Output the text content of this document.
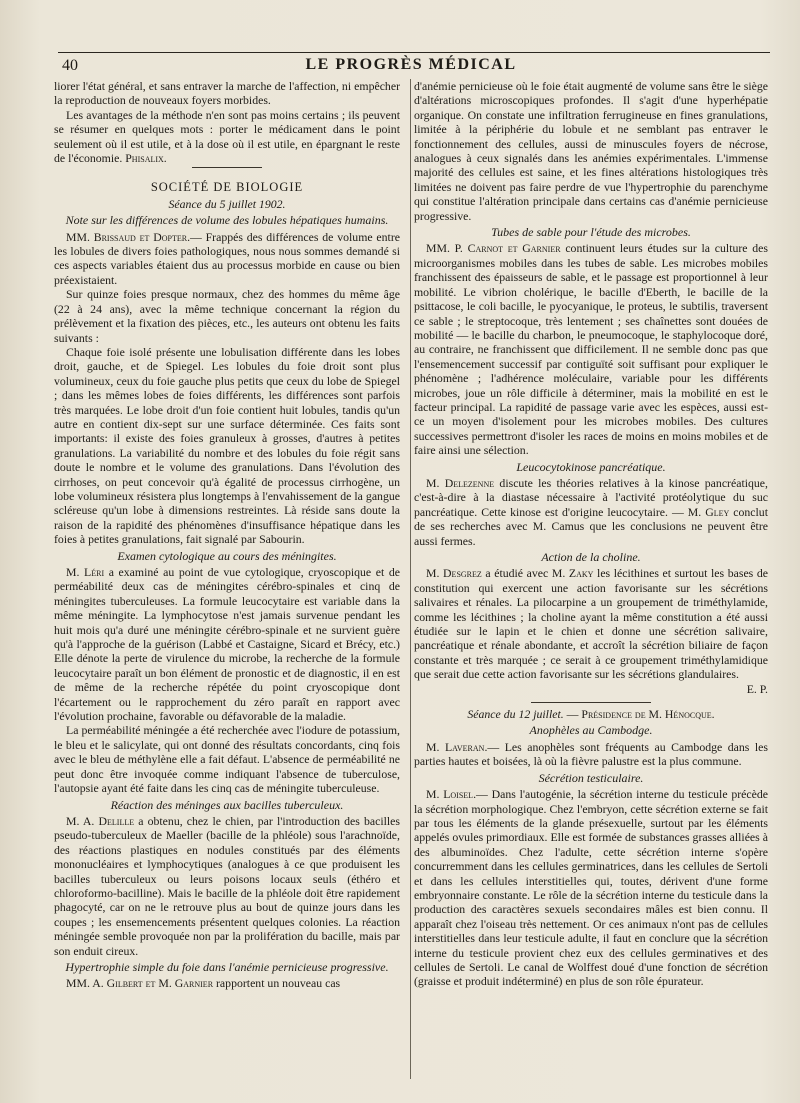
40	LE PROGRÈS MÉDICAL

liorer l'état général, et sans entraver la marche de l'affection, ni empêcher la reproduction de nouveaux foyers morbides.

Les avantages de la méthode n'en sont pas moins certains ; ils peuvent se résumer en quelques mots : porter le médicament dans le point seulement où il est utile, et à la dose où il est utile, en épargnant le reste de l'économie. Phisalix.

SOCIÉTÉ DE BIOLOGIE

Séance du 5 juillet 1902.

Note sur les différences de volume des lobules hépatiques humains.

MM. Brissaud et Dopter.— Frappés des différences de volume entre les lobules de divers foies pathologiques, nous nous sommes demandé si ces aspects variables étaient dus au processus morbide en cause ou bien préexistaient.

Sur quinze foies presque normaux, chez des hommes du même âge (22 à 24 ans), avec la même technique concernant la région du prélèvement et la fixation des pièces, etc., les auteurs ont obtenu les faits suivants :

Chaque foie isolé présente une lobulisation différente dans les lobes droit, gauche, et de Spiegel. Les lobules du foie droit sont plus volumineux, ceux du foie gauche plus petits que ceux du lobe de Spiegel ; dans les mêmes lobes de foies différents, les différences sont parfois très marquées. Le lobe droit d'un foie contient huit lobules, tandis qu'un autre en contient dix-sept sur une surface déterminée. Ces faits sont importants: il existe des foies granuleux à grosses, d'autres à petites granulations. La variabilité du nombre et des lobules du foie régit sans doute le nombre et le volume des granulations. Dans l'évolution des cirrhoses, on peut concevoir qu'à égalité de processus cirrhogène, un lobe volumineux résistera plus longtemps à l'envahissement de la gangue scléreuse qu'un lobe à dimensions restreintes. Là réside sans doute la raison de la rapidité des phénomènes d'insuffisance hépatique dans les foies à petites granulations, fait signalé par Sabourin.

Examen cytologique au cours des méningites.

M. Léri a examiné au point de vue cytologique, cryoscopique et de perméabilité deux cas de méningites cérébro-spinales et cinq de méningites tuberculeuses. La formule leucocytaire est variable dans la même méningite. La lymphocytose n'est jamais survenue pendant les huit mois qu'a duré une méningite cérébro-spinale et ne survient guère qu'à l'approche de la guérison (Labbé et Castaigne, Sicard et Brécy, etc.) Elle dénote la perte de virulence du microbe, la recherche de la formule leucocytaire paraît un bon élément de pronostic et de diagnostic, il en est de même de la recherche répétée du point cryoscopique dont l'écartement ou le rapprochement du zéro paraît en rapport avec l'évolution prochaine, favorable ou défavorable de la maladie.

La perméabilité méningée a été recherchée avec l'iodure de potassium, le bleu et le salicylate, qui ont donné des résultats concordants, cinq fois avec le bleu de méthylène elle a fait défaut. L'absence de perméabilité ne peut donc être invoquée comme indiquant l'absence de tuberculose, l'autopsie ayant été faite dans les cinq cas de méningite tuberculeuse.

Réaction des méninges aux bacilles tuberculeux.

M. A. Delille a obtenu, chez le chien, par l'introduction des bacilles pseudo-tuberculeux de Maeller (bacille de la phléole) sous l'arachnoïde, des réactions plastiques en nodules constitués par des éléments mononucléaires et lymphocytiques (analogues à ce que produisent les bacilles tuberculeux ou leurs poisons locaux seuls (éthéro et chloroformo-bacilline). Mais le bacille de la phléole doit être rapidement phagocyté, car on ne le retrouve plus au bout de quinze jours dans les coupes ; les ensemencements présentent quelques colonies. La réaction méningée semble provoquée non par la prolifération du bacille, mais par son enduit cireux.

Hypertrophie simple du foie dans l'anémie pernicieuse progressive.

MM. A. Gilbert et M. Garnier rapportent un nouveau cas

d'anémie pernicieuse où le foie était augmenté de volume sans être le siège d'altérations microscopiques profondes. Il s'agit d'une hyperhépatie organique. On constate une infiltration ferrugineuse en fines granulations, limitée à la périphérie du lobule et ne semblant pas entraver le fonctionnement des cellules, aussi de minuscules foyers de nécrose, analogues à ceux signalés dans les anémies expérimentales. L'immense majorité des cellules est saine, et les fines altérations histologiques très limitées ne doivent pas faire perdre de vue l'hypertrophie du parenchyme qui constitue l'altération principale dans certains cas d'anémie pernicieuse progressive.

Tubes de sable pour l'étude des microbes.

MM. P. Carnot et Garnier continuent leurs études sur la culture des microorganismes mobiles dans les tubes de sable. Les microbes mobiles franchissent des épaisseurs de sable, et le passage est proportionnel à leur mobilité. Le vibrion cholérique, le bacille d'Eberth, le bacille de la psittacose, le coli bacille, le pyocyanique, le proteus, le subtilis, traversent ce sable ; le streptocoque, très lentement ; ses chaînettes sont douées de mobilité — le bacille du charbon, le pneumocoque, le staphylocoque doré, au contraire, ne franchissent que difficilement. Il ne semble donc pas que l'ensemencement successif par contiguïté soit suffisant pour expliquer le phénomène ; l'adhérence moléculaire, variable pour les différents microbes, joue un rôle difficile à déterminer, mais la mobilité en est le facteur principal. La rapidité de passage varie avec les espèces, aussi est-ce un moyen d'isolement pour les microbes mobiles. Des cultures successives permettront d'isoler les races de moins en moins mobiles et de faire ainsi une sélection.

Leucocytokinose pancréatique.

M. Delezenne discute les théories relatives à la kinose pancréatique, c'est-à-dire à la diastase nécessaire à l'activité protéolytique du suc pancréatique. Cette kinose est d'origine leucocytaire. — M. Gley conclut de ses recherches avec M. Camus que les conclusions ne peuvent être aussi fermes.

Action de la choline.

M. Desgrez a étudié avec M. Zaky les lécithines et surtout les bases de constitution qui exercent une action favorisante sur les sécrétions salivaires et rénales. La pilocarpine a un groupement de triméthylamide, comme les lécithines ; la choline ayant la même constitution a été aussi étudiée sur le lapin et le chien et donne une sécrétion salivaire, pancréatique et rénale abondante, et accroît la sécrétion biliaire de façon constante et très marquée ; ce serait à ce groupement triméthylamidique que serait due cette action favorisante sur les sécrétions glandulaires.

E. P.

Séance du 12 juillet. — Présidence de M. Hénocque.

Anophèles au Cambodge.

M. Laveran.— Les anophèles sont fréquents au Cambodge dans les parties hautes et boisées, là où la fièvre palustre est la plus commune.

Sécrétion testiculaire.

M. Loisel.— Dans l'autogénie, la sécrétion interne du testicule précède la sécrétion morphologique. Chez l'embryon, cette sécrétion externe se fait par tous les éléments de la glande présexuelle, surtout par les éléments appelés ovules primordiaux. Elle est formée de substances grasses alliées à des albuminoïdes. Chez l'adulte, cette sécrétion interne s'opère concurremment dans les cellules germinatrices, dans les cellules de Sertoli et dans les cellules interstitielles qui, toutes, dérivent d'une forme embryonnaire constante. Le rôle de la sécrétion interne du testicule dans la production des caractères sexuels secondaires mâles est bien connu. Il apparaît chez l'oiseau très nettement. Or ces animaux n'ont pas de cellules interstitielles dans leur testicule adulte, il faut en conclure que la sécrétion interne du testicule provient chez eux des cellules germinatives et des cellules de Sertoli. Le canal de Wolffest doué d'une fonction de sécrétion (graisse et produit indéterminé) en plus de son rôle épurateur.
